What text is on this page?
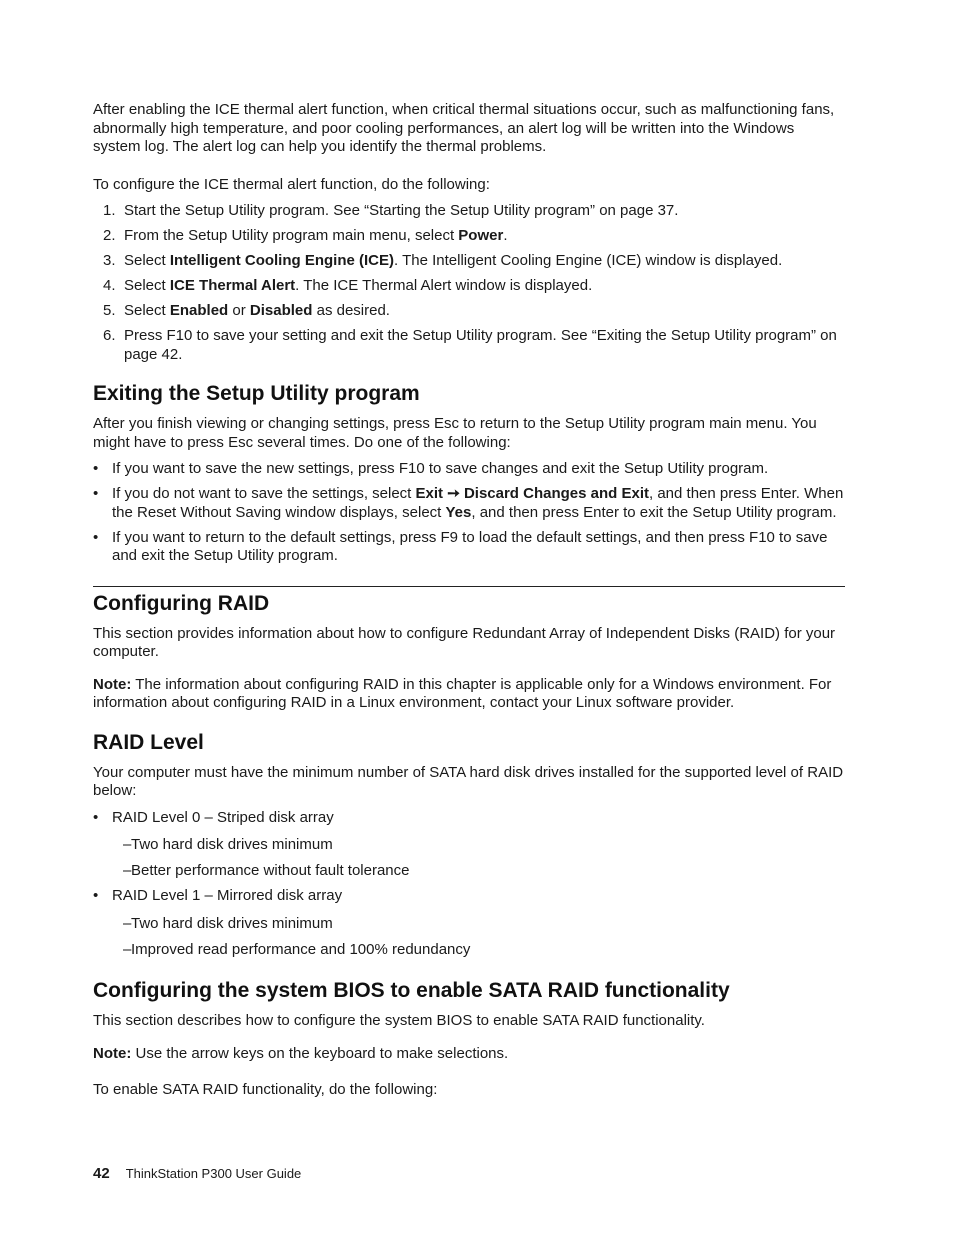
After enabling the ICE thermal alert function, when critical thermal situations occur, such as malfunctioning fans, abnormally high temperature, and poor cooling performances, an alert log will be written into the Windows system log. The alert log can help you identify the thermal problems.

To configure the ICE thermal alert function, do the following:

1. Start the Setup Utility program. See “Starting the Setup Utility program” on page 37.
2. From the Setup Utility program main menu, select Power.
3. Select Intelligent Cooling Engine (ICE). The Intelligent Cooling Engine (ICE) window is displayed.
4. Select ICE Thermal Alert. The ICE Thermal Alert window is displayed.
5. Select Enabled or Disabled as desired.
6. Press F10 to save your setting and exit the Setup Utility program. See “Exiting the Setup Utility program” on page 42.
Exiting the Setup Utility program

After you finish viewing or changing settings, press Esc to return to the Setup Utility program main menu. You might have to press Esc several times. Do one of the following:

• If you want to save the new settings, press F10 to save changes and exit the Setup Utility program.
• If you do not want to save the settings, select Exit ➙ Discard Changes and Exit, and then press Enter. When the Reset Without Saving window displays, select Yes, and then press Enter to exit the Setup Utility program.
• If you want to return to the default settings, press F9 to load the default settings, and then press F10 to save and exit the Setup Utility program.
Configuring RAID

This section provides information about how to configure Redundant Array of Independent Disks (RAID) for your computer.

Note: The information about configuring RAID in this chapter is applicable only for a Windows environment. For information about configuring RAID in a Linux environment, contact your Linux software provider.

RAID Level

Your computer must have the minimum number of SATA hard disk drives installed for the supported level of RAID below:

• RAID Level 0 – Striped disk array
– Two hard disk drives minimum
– Better performance without fault tolerance
• RAID Level 1 – Mirrored disk array
– Two hard disk drives minimum
– Improved read performance and 100% redundancy
Configuring the system BIOS to enable SATA RAID functionality

This section describes how to configure the system BIOS to enable SATA RAID functionality.

Note: Use the arrow keys on the keyboard to make selections.

To enable SATA RAID functionality, do the following:

42 ThinkStation P300 User Guide
